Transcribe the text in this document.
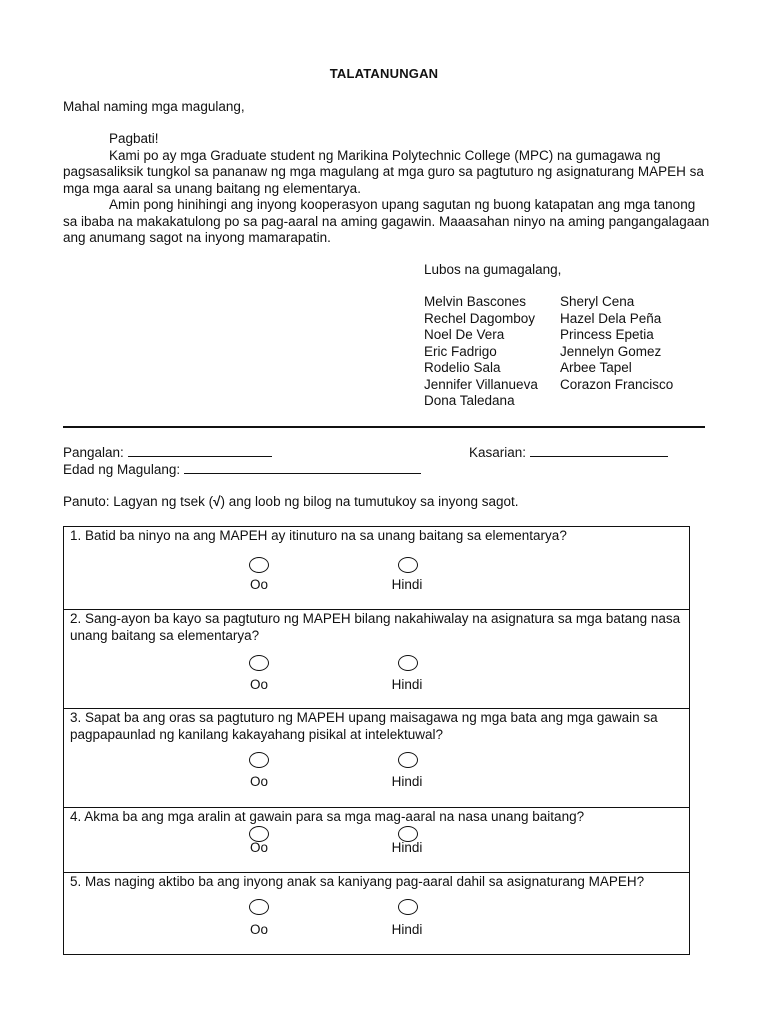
TALATANUNGAN
Mahal naming mga magulang,
Pagbati!
Kami po ay mga Graduate student ng Marikina Polytechnic College (MPC) na gumagawa ng pagsasaliksik tungkol sa pananaw ng mga magulang at mga guro sa pagtuturo ng asignaturang MAPEH sa mga mga aaral sa unang baitang ng elementarya.
Amin pong hinihingi ang inyong kooperasyon upang sagutan ng buong katapatan ang mga tanong sa ibaba na makakatulong po sa pag-aaral na aming gagawin. Maaasahan ninyo na aming pangangalagaan ang anumang sagot na inyong mamarapatin.
Lubos na gumagalang,
Melvin Bascones
Rechel Dagomboy
Noel De Vera
Eric Fadrigo
Rodelio Sala
Jennifer Villanueva
Dona Taledana
Sheryl Cena
Hazel Dela Peña
Princess Epetia
Jennelyn Gomez
Arbee Tapel
Corazon Francisco
Pangalan:	Kasarian:
Edad ng Magulang:
Panuto: Lagyan ng tsek (√) ang loob ng bilog na tumutukoy sa inyong sagot.
1. Batid ba ninyo na ang MAPEH ay itinuturo na sa unang baitang sa elementarya?
Oo	Hindi
2. Sang-ayon ba kayo sa pagtuturo ng MAPEH bilang nakahiwalay na asignatura sa mga batang nasa unang baitang sa elementarya?
Oo	Hindi
3. Sapat ba ang oras sa pagtuturo ng MAPEH upang maisagawa ng mga bata ang mga gawain sa pagpapaunlad ng kanilang kakayahang pisikal at intelektuwal?
Oo	Hindi
4. Akma ba ang mga aralin at gawain para sa mga mag-aaral na nasa unang baitang?
Oo	Hindi
5. Mas naging aktibo ba ang inyong anak sa kaniyang pag-aaral dahil sa asignaturang MAPEH?
Oo	Hindi
